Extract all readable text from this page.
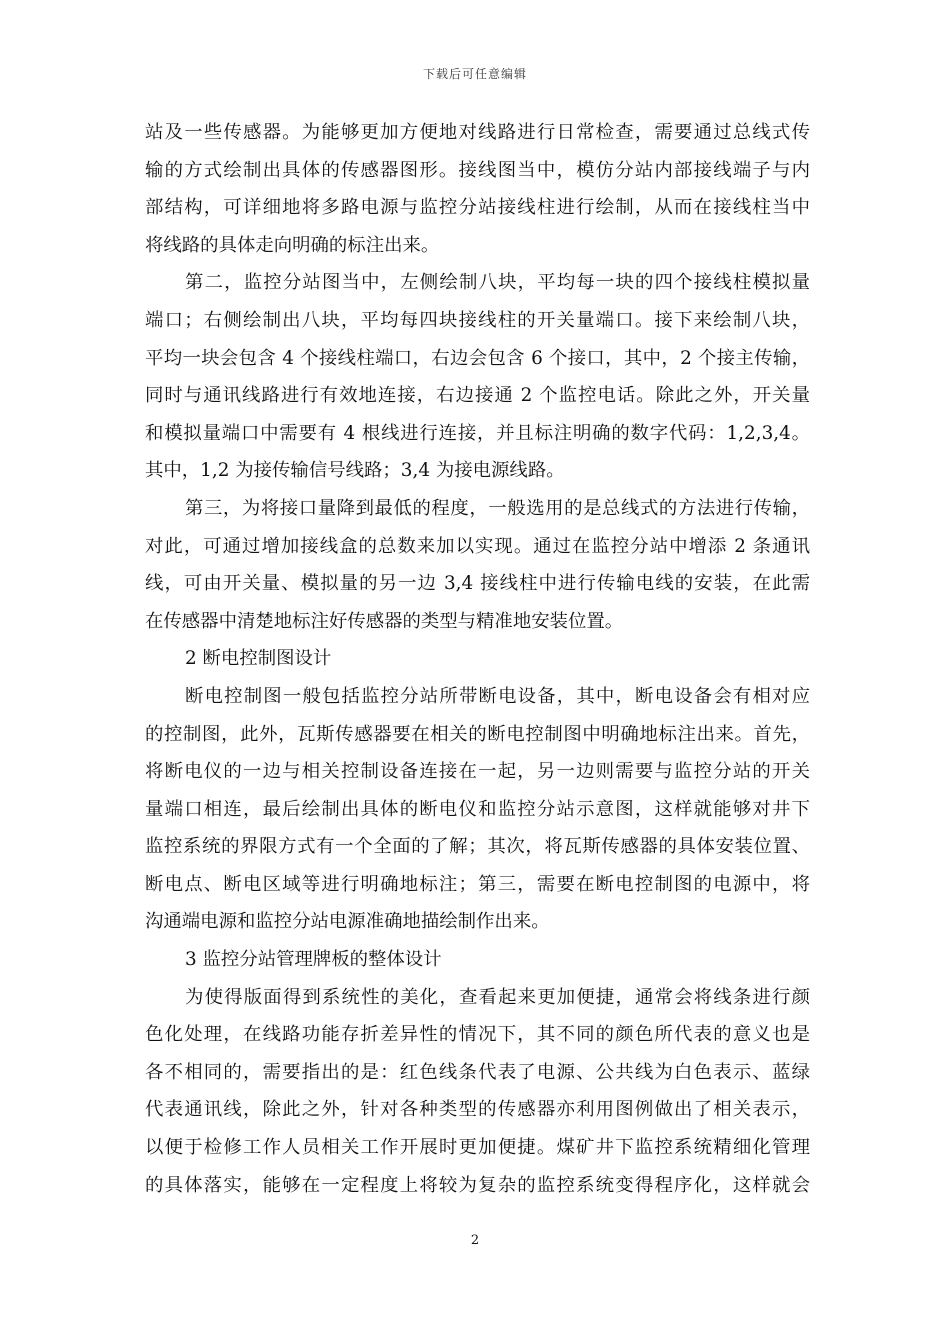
下载后可任意编辑
站及一些传感器。为能够更加方便地对线路进行日常检查，需要通过总线式传
输的方式绘制出具体的传感器图形。接线图当中，模仿分站内部接线端子与内
部结构，可详细地将多路电源与监控分站接线柱进行绘制，从而在接线柱当中
将线路的具体走向明确的标注出来。
第二，监控分站图当中，左侧绘制八块，平均每一块的四个接线柱模拟量
端口；右侧绘制出八块，平均每四块接线柱的开关量端口。接下来绘制八块，
平均一块会包含 4 个接线柱端口，右边会包含 6 个接口，其中，2 个接主传输，
同时与通讯线路进行有效地连接，右边接通 2 个监控电话。除此之外，开关量
和模拟量端口中需要有 4 根线进行连接，并且标注明确的数字代码：1,2,3,4。
其中，1,2 为接传输信号线路；3,4 为接电源线路。
第三，为将接口量降到最低的程度，一般选用的是总线式的方法进行传输，
对此，可通过增加接线盒的总数来加以实现。通过在监控分站中增添 2 条通讯
线，可由开关量、模拟量的另一边 3,4 接线柱中进行传输电线的安装，在此需
在传感器中清楚地标注好传感器的类型与精准地安装位置。
2 断电控制图设计
断电控制图一般包括监控分站所带断电设备，其中，断电设备会有相对应
的控制图，此外，瓦斯传感器要在相关的断电控制图中明确地标注出来。首先，
将断电仪的一边与相关控制设备连接在一起，另一边则需要与监控分站的开关
量端口相连，最后绘制出具体的断电仪和监控分站示意图，这样就能够对井下
监控系统的界限方式有一个全面的了解；其次，将瓦斯传感器的具体安装位置、
断电点、断电区域等进行明确地标注；第三，需要在断电控制图的电源中，将
沟通端电源和监控分站电源准确地描绘制作出来。
3 监控分站管理牌板的整体设计
为使得版面得到系统性的美化，查看起来更加便捷，通常会将线条进行颜
色化处理，在线路功能存折差异性的情况下，其不同的颜色所代表的意义也是
各不相同的，需要指出的是：红色线条代表了电源、公共线为白色表示、蓝绿
代表通讯线，除此之外，针对各种类型的传感器亦利用图例做出了相关表示，
以便于检修工作人员相关工作开展时更加便捷。煤矿井下监控系统精细化管理
的具体落实，能够在一定程度上将较为复杂的监控系统变得程序化，这样就会
2
